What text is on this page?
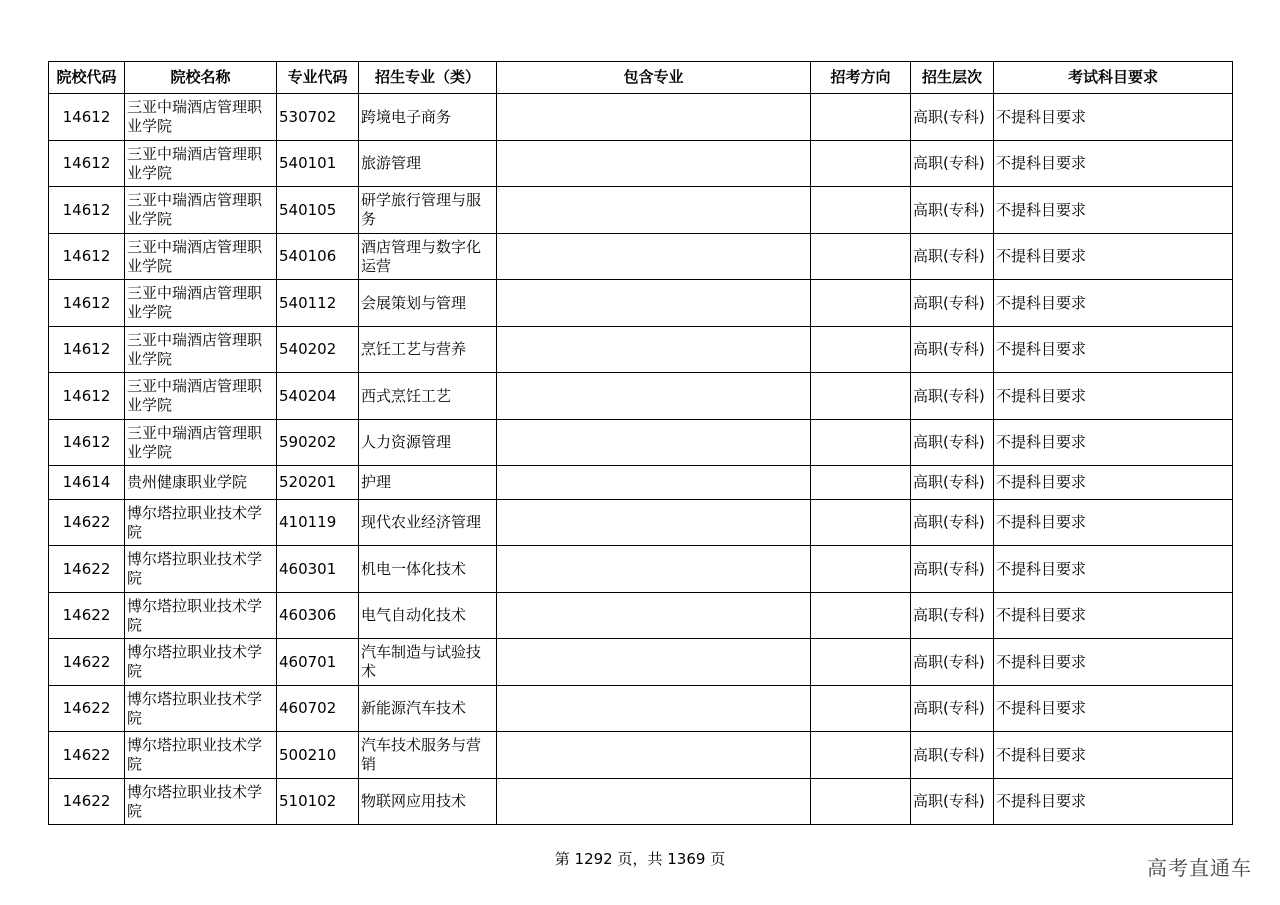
院校代码	院校名称	专业代码	招生专业（类）	包含专业	招考方向	招生层次	考试科目要求
14612	三亚中瑞酒店管理职业学院	530702	跨境电子商务			高职(专科)	不提科目要求
14612	三亚中瑞酒店管理职业学院	540101	旅游管理			高职(专科)	不提科目要求
14612	三亚中瑞酒店管理职业学院	540105	研学旅行管理与服务			高职(专科)	不提科目要求
14612	三亚中瑞酒店管理职业学院	540106	酒店管理与数字化运营			高职(专科)	不提科目要求
14612	三亚中瑞酒店管理职业学院	540112	会展策划与管理			高职(专科)	不提科目要求
14612	三亚中瑞酒店管理职业学院	540202	烹饪工艺与营养			高职(专科)	不提科目要求
14612	三亚中瑞酒店管理职业学院	540204	西式烹饪工艺			高职(专科)	不提科目要求
14612	三亚中瑞酒店管理职业学院	590202	人力资源管理			高职(专科)	不提科目要求
14614	贵州健康职业学院	520201	护理			高职(专科)	不提科目要求
14622	博尔塔拉职业技术学院	410119	现代农业经济管理			高职(专科)	不提科目要求
14622	博尔塔拉职业技术学院	460301	机电一体化技术			高职(专科)	不提科目要求
14622	博尔塔拉职业技术学院	460306	电气自动化技术			高职(专科)	不提科目要求
14622	博尔塔拉职业技术学院	460701	汽车制造与试验技术			高职(专科)	不提科目要求
14622	博尔塔拉职业技术学院	460702	新能源汽车技术			高职(专科)	不提科目要求
14622	博尔塔拉职业技术学院	500210	汽车技术服务与营销			高职(专科)	不提科目要求
14622	博尔塔拉职业技术学院	510102	物联网应用技术			高职(专科)	不提科目要求
第 1292 页，共 1369 页	高考直通车
